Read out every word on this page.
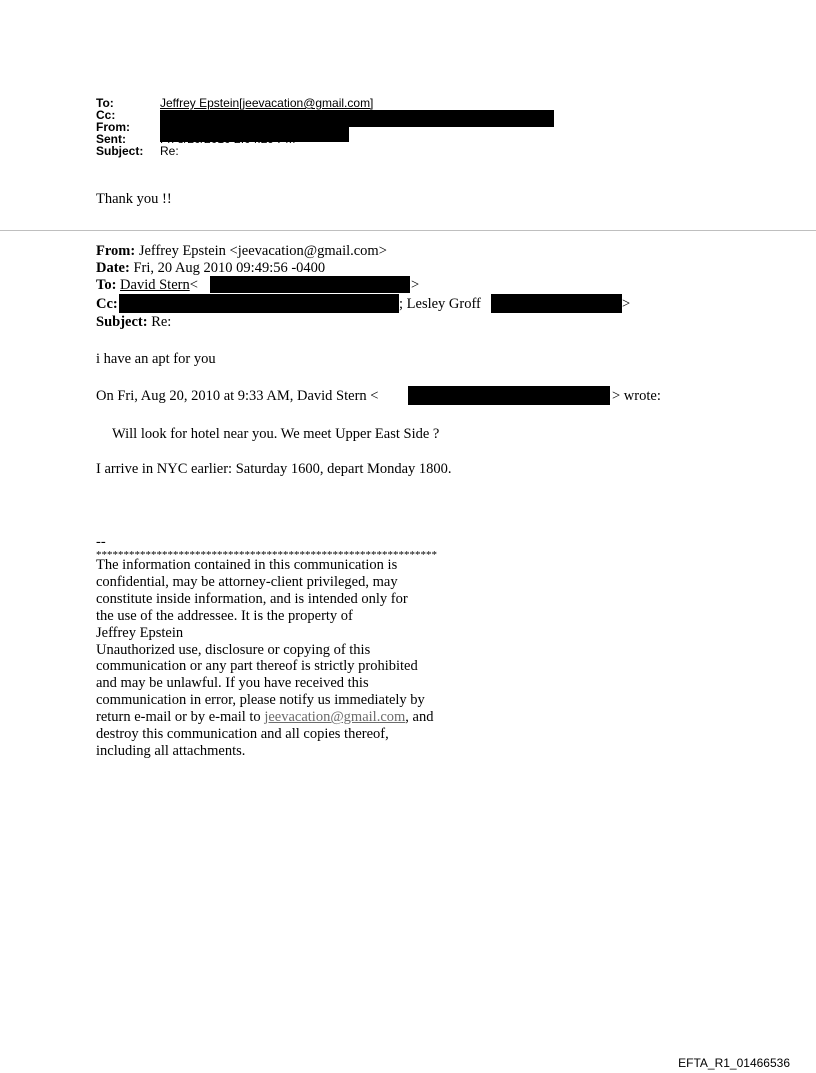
To:	Jeffrey Epstein[jeevacation@gmail.com]
Cc:
From:
Sent:
Subject: Re:
Thank you !!
From: Jeffrey Epstein <jeevacation@gmail.com>
Date: Fri, 20 Aug 2010 09:49:56 -0400
To: David Stern<	>
Cc:	; Lesley Groff	>
Subject: Re:
i have an apt for you
On Fri, Aug 20, 2010 at 9:33 AM, David Stern <	> wrote:
Will look for hotel near you. We meet Upper East Side ?
I arrive in NYC earlier: Saturday 1600, depart Monday 1800.
--
**************************************************************
The information contained in this communication is
confidential, may be attorney-client privileged, may
constitute inside information, and is intended only for
the use of the addressee. It is the property of
Jeffrey Epstein
Unauthorized use, disclosure or copying of this
communication or any part thereof is strictly prohibited
and may be unlawful. If you have received this
communication in error, please notify us immediately by
return e-mail or by e-mail to jeevacation@gmail.com, and
destroy this communication and all copies thereof,
including all attachments.
EFTA_R1_01466536
